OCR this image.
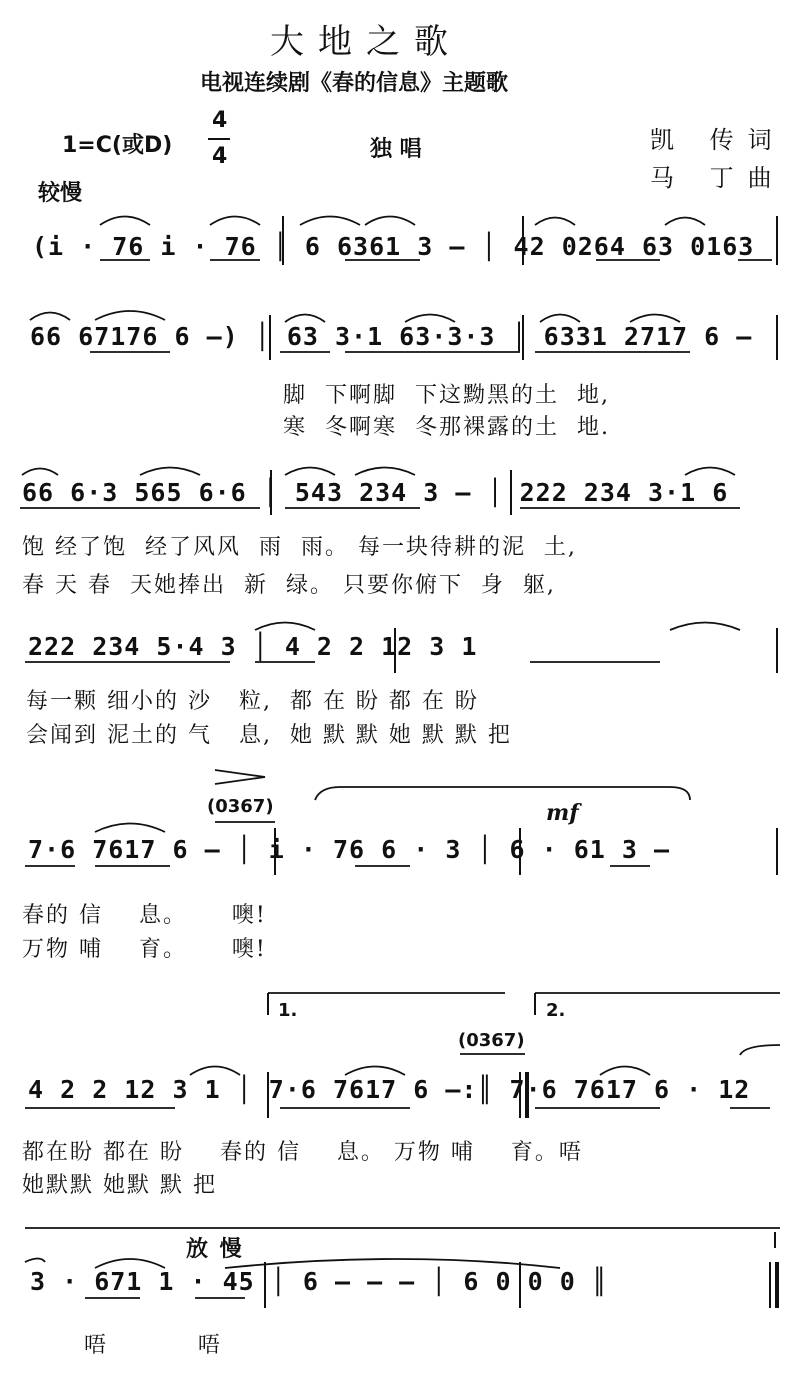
大地之歌
电视连续剧《春的信息》主题歌
1=C(或D)
4
4	独 唱
较慢
凯 传词
马 丁曲
(i · 76 i · 76 │ 6 6361 3 — │ 42 0264 63 0163
66 67176 6 —) │ 63 3·1 63·3·3 │ 6331 2717 6 —
脚  下啊脚  下这黝黑的土  地,
寒  冬啊寒  冬那裸露的土  地.
66 6·3 565 6·6 │ 543 234 3 — │ 222 234 3·1 6
饱 经了饱  经了风风  雨  雨。 每一块待耕的泥  土,
春 天 春  天她捧出  新  绿。 只要你俯下  身  躯,
222 234 5·4 3 │ 4 2 2 12 3 1
每一颗 细小的 沙   粒,  都 在 盼 都 在 盼
会闻到 泥土的 气   息,  她 默 默 她 默 默 把
(0367)	mf
7·6 7617 6 — │ i · 76 6 · 3 │ 6 · 61 3 —
春的 信    息。     噢!
万物 哺    育。     噢!
1.	2.
(0367)
4 2 2 12 3 1 │ 7·6 7617 6 —:║ 7·6 7617 6 · 12
都在盼 都在 盼    春的 信    息。 万物 哺    育。唔
她默默 她默 默 把
放 慢
3 · 671 1 · 45 │ 6 — — — │ 6 0 0 0 ║
唔          唔
